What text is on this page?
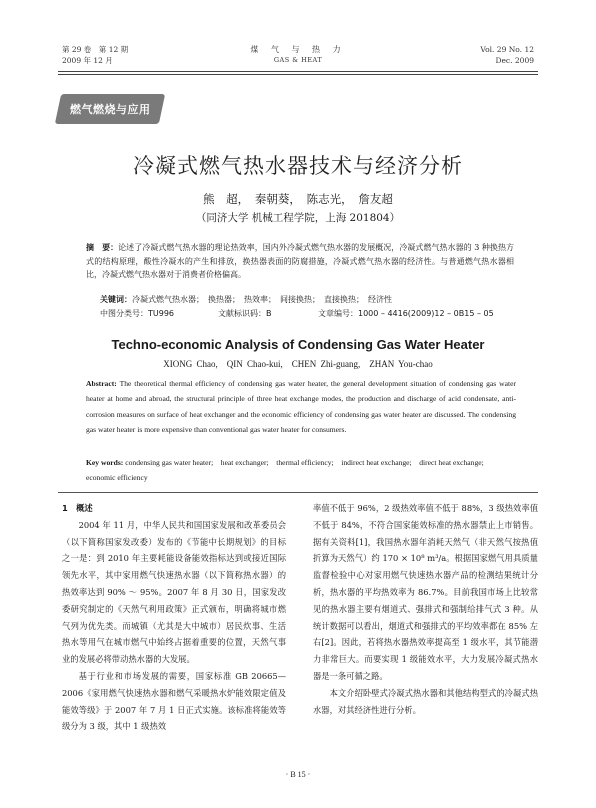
第 29 卷　第 12 期
2009 年 12 月
煤 气 与 热 力
GAS & HEAT
Vol. 29 No. 12
Dec. 2009
燃气燃烧与应用
冷凝式燃气热水器技术与经济分析
熊　超，　秦朝葵，　陈志光，　詹友超
（同济大学 机械工程学院，上海 201804）
摘　要：论述了冷凝式燃气热水器的理论热效率，国内外冷凝式燃气热水器的发展概况，冷凝式燃气热水器的 3 种换热方式的结构原理，酸性冷凝水的产生和排放，换热器表面的防腐措施，冷凝式燃气热水器的经济性。与普通燃气热水器相比，冷凝式燃气热水器对于消费者价格偏高。
关键词：冷凝式燃气热水器；　换热器；　热效率；　间接换热；　直接换热；　经济性
中图分类号：TU996	文献标识码：B	文章编号：1000 – 4416(2009)12 – 0B15 – 05
Techno-economic Analysis of Condensing Gas Water Heater
XIONG Chao,　QIN Chao-kui,　CHEN Zhi-guang,　ZHAN You-chao
Abstract: The theoretical thermal efficiency of condensing gas water heater, the general development situation of condensing gas water heater at home and abroad, the structural principle of three heat exchange modes, the production and discharge of acid condensate, anti-corrosion measures on surface of heat exchanger and the economic efficiency of condensing gas water heater are discussed. The condensing gas water heater is more expensive than conventional gas water heater for consumers.
Key words: condensing gas water heater;　heat exchanger;　thermal efficiency;　indirect heat exchange;　direct heat exchange;　economic efficiency

1　概述

2004 年 11 月，中华人民共和国国家发展和改革委员会（以下简称国家发改委）发布的《节能中长期规划》的目标之一是：到 2010 年主要耗能设备能效指标达到或接近国际领先水平，其中家用燃气快速热水器（以下简称热水器）的热效率达到 90% ～ 95%。2007 年 8 月 30 日，国家发改委研究制定的《天然气利用政策》正式颁布，明确将城市燃气列为优先类。而城镇（尤其是大中城市）居民炊事、生活热水等用气在城市燃气中始终占据着重要的位置，天然气事业的发展必将带动热水器的大发展。

基于行业和市场发展的需要，国家标准 GB 20665—2006《家用燃气快速热水器和燃气采暖热水炉能效限定值及能效等级》于 2007 年 7 月 1 日正式实施。该标准将能效等级分为 3 级，其中 1 级热效

率值不低于 96%，2 级热效率值不低于 88%，3 级热效率值不低于 84%，不符合国家能效标准的热水器禁止上市销售。据有关资料[1]，我国热水器年消耗天然气（非天然气按热值折算为天然气）约 170 × 10⁸ m³/a。根据国家燃气用具质量监督检验中心对家用燃气快速热水器产品的检测结果统计分析，热水器的平均热效率为 86.7%。目前我国市场上比较常见的热水器主要有烟道式、强排式和强制给排气式 3 种。从统计数据可以看出，烟道式和强排式的平均效率都在 85% 左右[2]。因此，若将热水器热效率提高至 1 级水平，其节能潜力非常巨大。而要实现 1 级能效水平，大力发展冷凝式热水器是一条可循之路。

本文介绍卧壁式冷凝式热水器和其他结构型式的冷凝式热水器，对其经济性进行分析。

· B 15 ·
